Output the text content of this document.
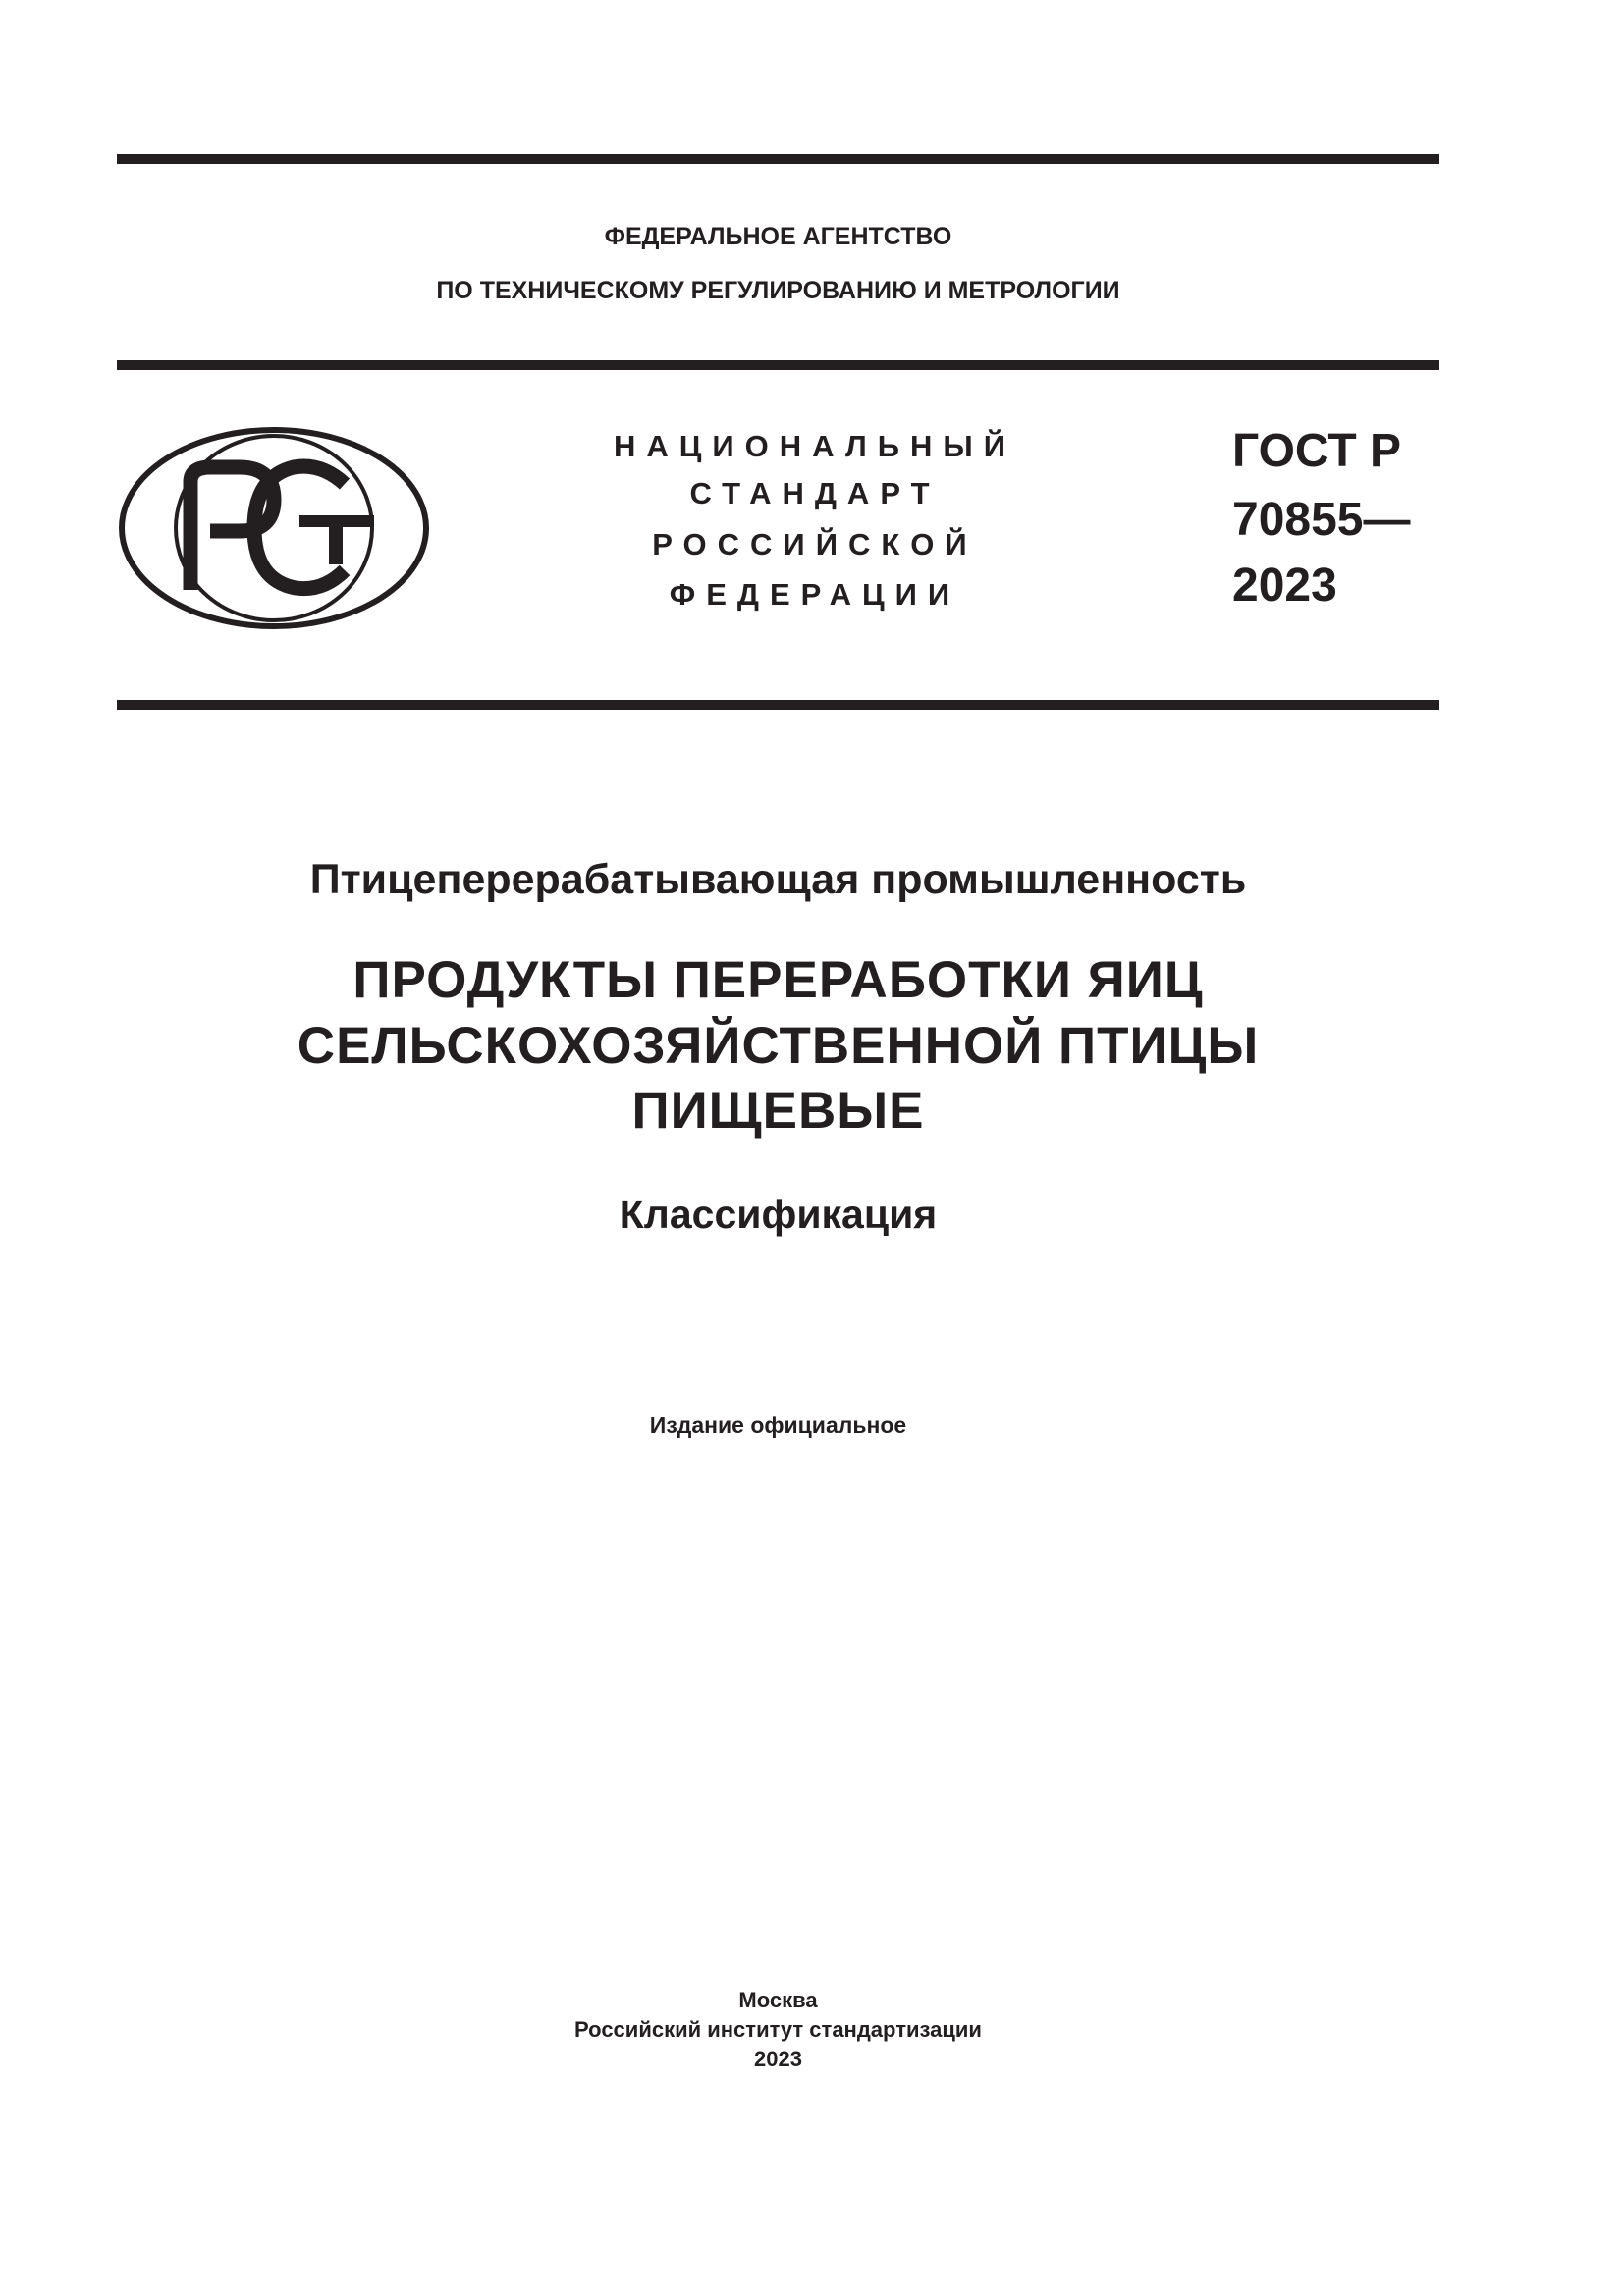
ФЕДЕРАЛЬНОЕ АГЕНТСТВО
ПО ТЕХНИЧЕСКОМУ РЕГУЛИРОВАНИЮ И МЕТРОЛОГИИ
НАЦИОНАЛЬНЫЙ
СТАНДАРТ
РОССИЙСКОЙ
ФЕДЕРАЦИИ
ГОСТ Р
70855—
2023
Птицеперерабатывающая промышленность
ПРОДУКТЫ ПЕРЕРАБОТКИ ЯИЦ
СЕЛЬСКОХОЗЯЙСТВЕННОЙ ПТИЦЫ
ПИЩЕВЫЕ
Классификация
Издание официальное
Москва
Российский институт стандартизации
2023
